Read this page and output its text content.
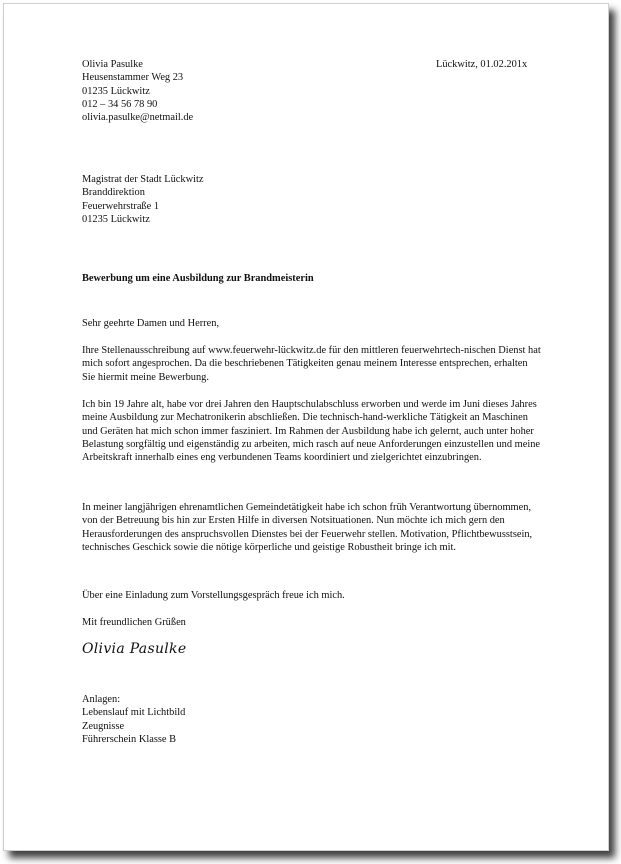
Olivia Pasulke
Heusenstammer Weg 23
01235 Lückwitz
012 – 34 56 78 90
olivia.pasulke@netmail.de
Lückwitz, 01.02.201x
Magistrat der Stadt Lückwitz
Branddirektion
Feuerwehrstraße 1
01235 Lückwitz
Bewerbung um eine Ausbildung zur Brandmeisterin

Sehr geehrte Damen und Herren,

Ihre Stellenausschreibung auf www.feuerwehr-lückwitz.de für den mittleren feuerwehrtech-nischen Dienst hat mich sofort angesprochen. Da die beschriebenen Tätigkeiten genau meinem Interesse entsprechen, erhalten Sie hiermit meine Bewerbung.

Ich bin 19 Jahre alt, habe vor drei Jahren den Hauptschulabschluss erworben und werde im Juni dieses Jahres meine Ausbildung zur Mechatronikerin abschließen. Die technisch-hand-werkliche Tätigkeit an Maschinen und Geräten hat mich schon immer fasziniert. Im Rahmen der Ausbildung habe ich gelernt, auch unter hoher Belastung sorgfältig und eigenständig zu arbeiten, mich rasch auf neue Anforderungen einzustellen und meine Arbeitskraft innerhalb eines eng verbundenen Teams koordiniert und zielgerichtet einzubringen.

In meiner langjährigen ehrenamtlichen Gemeindetätigkeit habe ich schon früh Verantwortung übernommen, von der Betreuung bis hin zur Ersten Hilfe in diversen Notsituationen. Nun möchte ich mich gern den Herausforderungen des anspruchsvollen Dienstes bei der Feuerwehr stellen. Motivation, Pflichtbewusstsein, technisches Geschick sowie die nötige körperliche und geistige Robustheit bringe ich mit.

Über eine Einladung zum Vorstellungsgespräch freue ich mich.

Mit freundlichen Grüßen

Olivia Pasulke
Anlagen:
Lebenslauf mit Lichtbild
Zeugnisse
Führerschein Klasse B
